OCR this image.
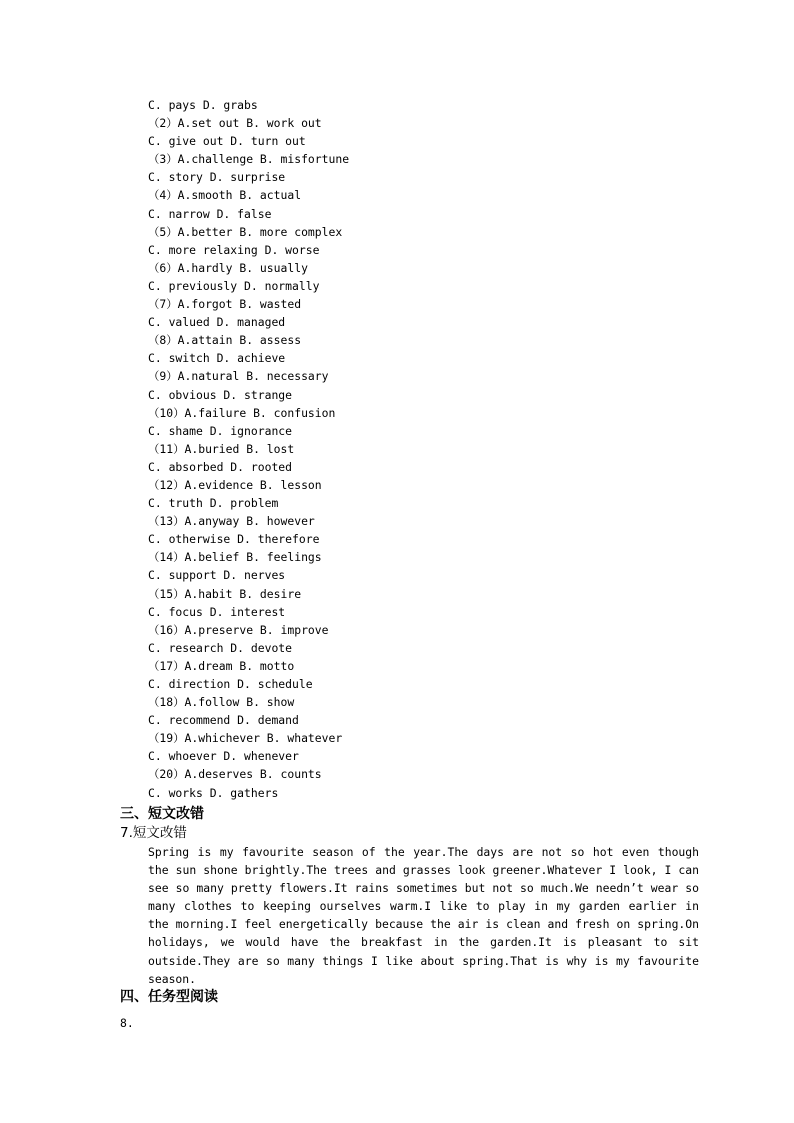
C. pays D. grabs
（2）A.set out B. work out
C. give out D. turn out
（3）A.challenge B. misfortune
C. story D. surprise
（4）A.smooth B. actual
C. narrow D. false
（5）A.better B. more complex
C. more relaxing D. worse
（6）A.hardly B. usually
C. previously D. normally
（7）A.forgot B. wasted
C. valued D. managed
（8）A.attain B. assess
C. switch D. achieve
（9）A.natural B. necessary
C. obvious D. strange
（10）A.failure B. confusion
C. shame D. ignorance
（11）A.buried B. lost
C. absorbed D. rooted
（12）A.evidence B. lesson
C. truth D. problem
（13）A.anyway B. however
C. otherwise D. therefore
（14）A.belief B. feelings
C. support D. nerves
（15）A.habit B. desire
C. focus D. interest
（16）A.preserve B. improve
C. research D. devote
（17）A.dream B. motto
C. direction D. schedule
（18）A.follow B. show
C. recommend D. demand
（19）A.whichever B. whatever
C. whoever D. whenever
（20）A.deserves B. counts
C. works D. gathers
三、短文改错
7.短文改错

Spring is my favourite season of the year.The days are not so hot even though the sun shone brightly.The trees and grasses look greener.Whatever I look, I can see so many pretty flowers.It rains sometimes but not so much.We needn’t wear so many clothes to keeping ourselves warm.I like to play in my garden earlier in the morning.I feel energetically because the air is clean and fresh on spring.On holidays, we would have the breakfast in the garden.It is pleasant to sit outside.They are so many things I like about spring.That is why is my favourite season.

四、任务型阅读
8.
